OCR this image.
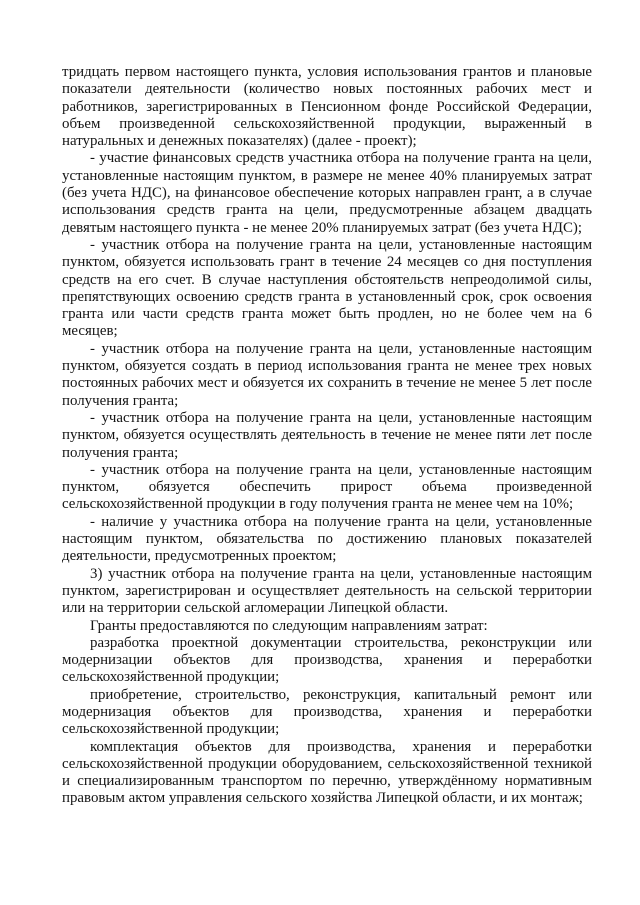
тридцать первом настоящего пункта, условия использования грантов и плановые показатели деятельности (количество новых постоянных рабочих мест и работников, зарегистрированных в Пенсионном фонде Российской Федерации, объем произведенной сельскохозяйственной продукции, выраженный в натуральных и денежных показателях) (далее - проект);

- участие финансовых средств участника отбора на получение гранта на цели, установленные настоящим пунктом, в размере не менее 40% планируемых затрат (без учета НДС), на финансовое обеспечение которых направлен грант, а в случае использования средств гранта на цели, предусмотренные абзацем двадцать девятым настоящего пункта - не менее 20% планируемых затрат (без учета НДС);

- участник отбора на получение гранта на цели, установленные настоящим пунктом, обязуется использовать грант в течение 24 месяцев со дня поступления средств на его счет. В случае наступления обстоятельств непреодолимой силы, препятствующих освоению средств гранта в установленный срок, срок освоения гранта или части средств гранта может быть продлен, но не более чем на 6 месяцев;

- участник отбора на получение гранта на цели, установленные настоящим пунктом, обязуется создать в период использования гранта не менее трех новых постоянных рабочих мест и обязуется их сохранить в течение не менее 5 лет после получения гранта;

- участник отбора на получение гранта на цели, установленные настоящим пунктом, обязуется осуществлять деятельность в течение не менее пяти лет после получения гранта;

- участник отбора на получение гранта на цели, установленные настоящим пунктом, обязуется обеспечить прирост объема произведенной сельскохозяйственной продукции в году получения гранта не менее чем на 10%;

- наличие у участника отбора на получение гранта на цели, установленные настоящим пунктом, обязательства по достижению плановых показателей деятельности, предусмотренных проектом;

3) участник отбора на получение гранта на цели, установленные настоящим пунктом, зарегистрирован и осуществляет деятельность на сельской территории или на территории сельской агломерации Липецкой области.

Гранты предоставляются по следующим направлениям затрат:

разработка проектной документации строительства, реконструкции или модернизации объектов для производства, хранения и переработки сельскохозяйственной продукции;

приобретение, строительство, реконструкция, капитальный ремонт или модернизация объектов для производства, хранения и переработки сельскохозяйственной продукции;

комплектация объектов для производства, хранения и переработки сельскохозяйственной продукции оборудованием, сельскохозяйственной техникой и специализированным транспортом по перечню, утверждённому нормативным правовым актом управления сельского хозяйства Липецкой области, и их монтаж;
